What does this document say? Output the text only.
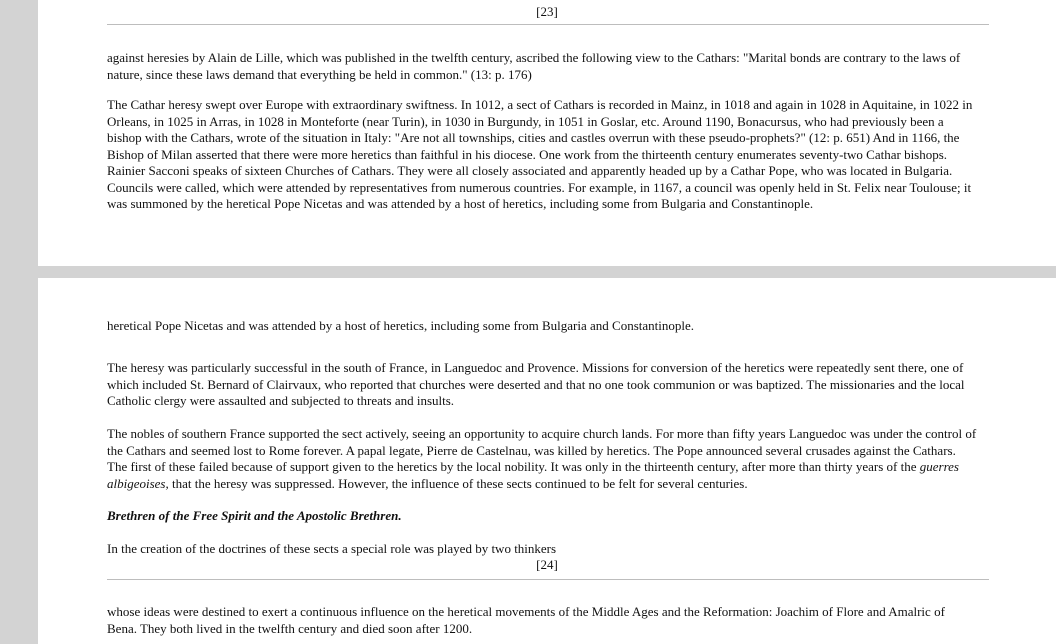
[23]

against heresies by Alain de Lille, which was published in the twelfth century, ascribed the following view to the Cathars: "Marital bonds are contrary to the laws of nature, since these laws demand that everything be held in common." (13: p. 176)

The Cathar heresy swept over Europe with extraordinary swiftness. In 1012, a sect of Cathars is recorded in Mainz, in 1018 and again in 1028 in Aquitaine, in 1022 in Orleans, in 1025 in Arras, in 1028 in Monteforte (near Turin), in 1030 in Burgundy, in 1051 in Goslar, etc. Around 1190, Bonacursus, who had previously been a bishop with the Cathars, wrote of the situation in Italy: "Are not all townships, cities and castles overrun with these pseudo-prophets?" (12: p. 651) And in 1166, the Bishop of Milan asserted that there were more heretics than faithful in his diocese. One work from the thirteenth century enumerates seventy-two Cathar bishops. Rainier Sacconi speaks of sixteen Churches of Cathars. They were all closely associated and apparently headed up by a Cathar Pope, who was located in Bulgaria. Councils were called, which were attended by representatives from numerous countries. For example, in 1167, a council was openly held in St. Felix near Toulouse; it was summoned by the heretical Pope Nicetas and was attended by a host of heretics, including some from Bulgaria and Constantinople.

heretical Pope Nicetas and was attended by a host of heretics, including some from Bulgaria and Constantinople.

The heresy was particularly successful in the south of France, in Languedoc and Provence. Missions for conversion of the heretics were repeatedly sent there, one of which included St. Bernard of Clairvaux, who reported that churches were deserted and that no one took communion or was baptized. The missionaries and the local Catholic clergy were assaulted and subjected to threats and insults.

The nobles of southern France supported the sect actively, seeing an opportunity to acquire church lands. For more than fifty years Languedoc was under the control of the Cathars and seemed lost to Rome forever. A papal legate, Pierre de Castelnau, was killed by heretics. The Pope announced several crusades against the Cathars. The first of these failed because of support given to the heretics by the local nobility. It was only in the thirteenth century, after more than thirty years of the guerres albigeoises, that the heresy was suppressed. However, the influence of these sects continued to be felt for several centuries.

Brethren of the Free Spirit and the Apostolic Brethren.

In the creation of the doctrines of these sects a special role was played by two thinkers

[24]

whose ideas were destined to exert a continuous influence on the heretical movements of the Middle Ages and the Reformation: Joachim of Flore and Amalric of Bena. They both lived in the twelfth century and died soon after 1200.
